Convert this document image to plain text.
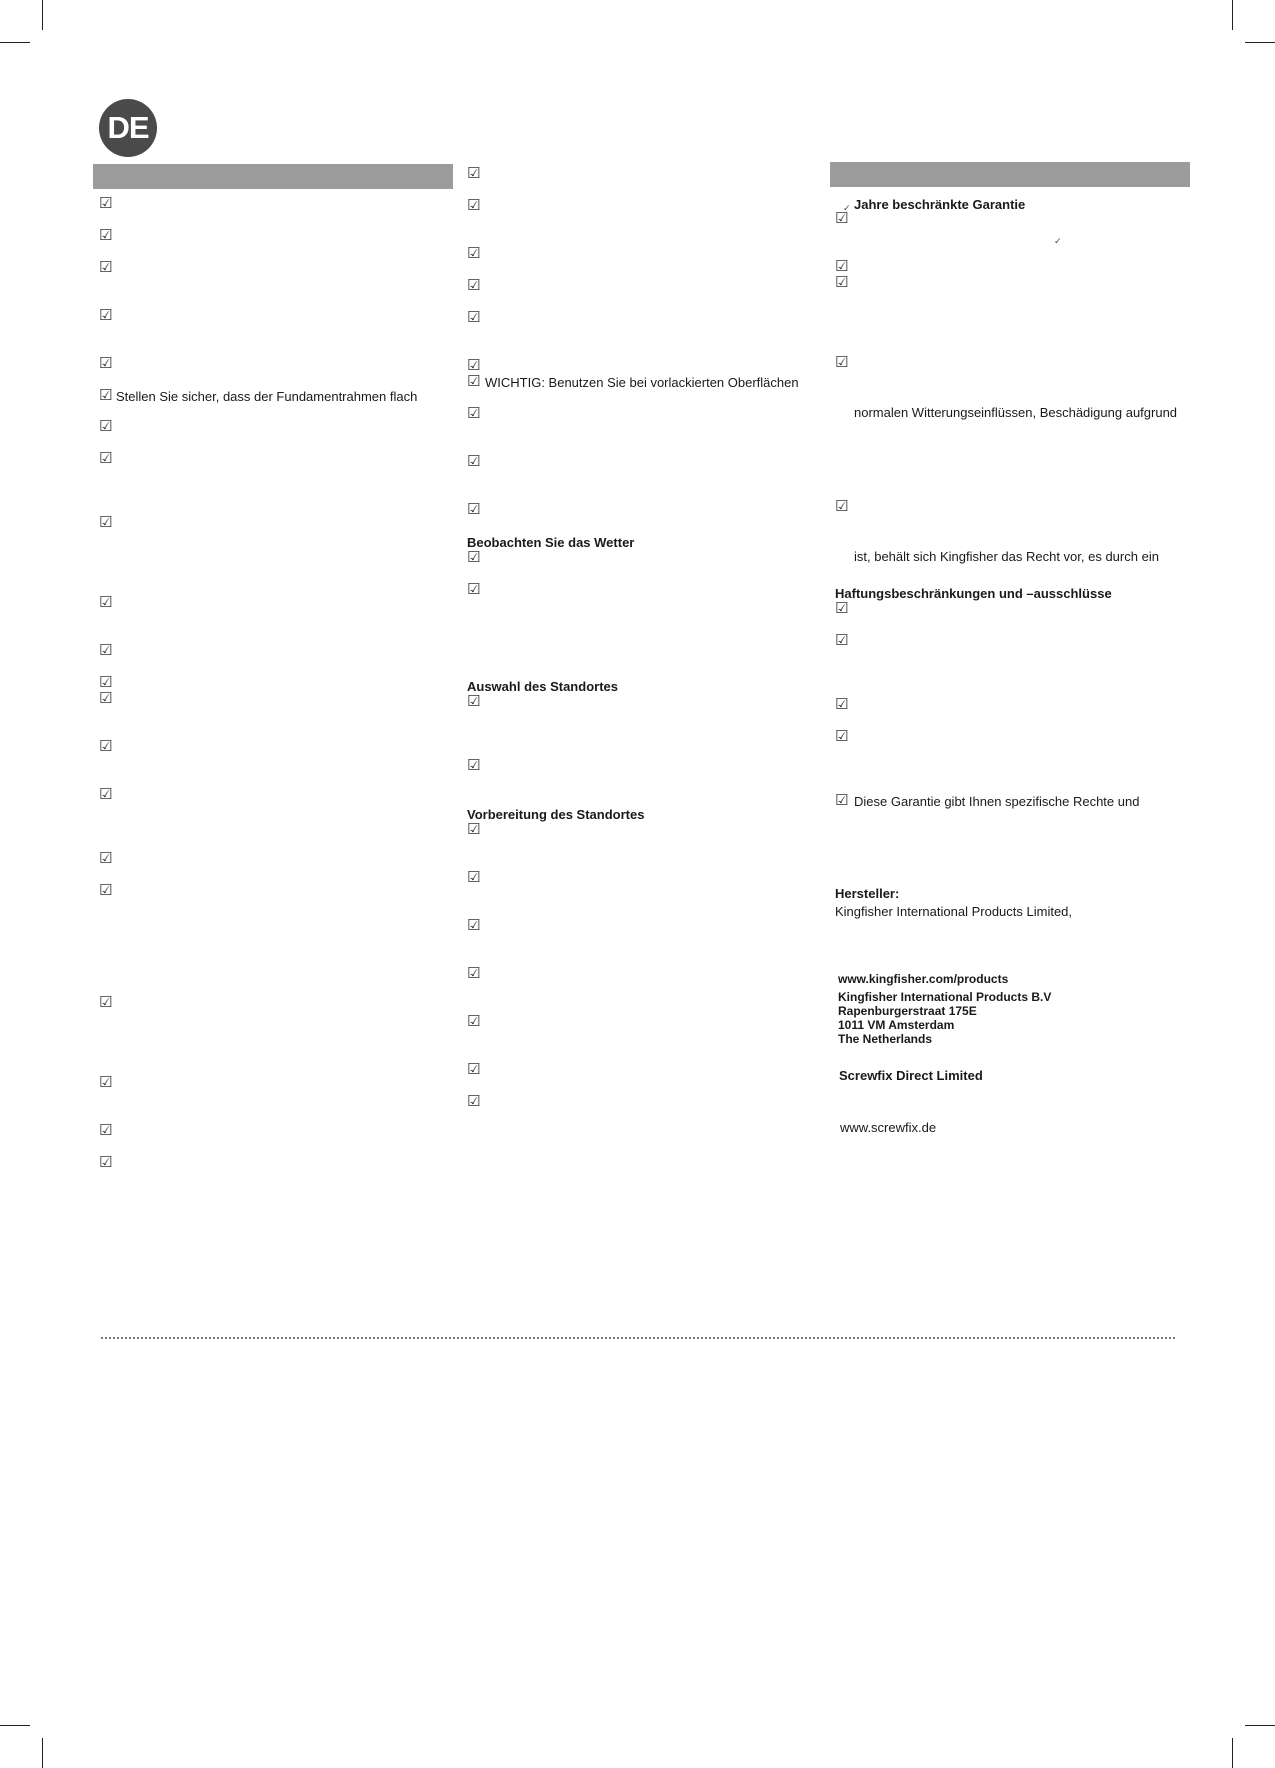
DE
☑
☑
☑
☑
☑
☑ Stellen Sie sicher, dass der Fundamentrahmen flach
☑
☑
☑
☑
☑
☑
☑
☑
☑
☑
☑
☑
☑
☑
☑
☑
☑
☑
☑
☑
☑
☑ WICHTIG: Benutzen Sie bei vorlackierten Oberflächen
☑
☑
☑
Beobachten Sie das Wetter
☑
☑
Auswahl des Standortes
☑
☑
Vorbereitung des Standortes
☑
☑
☑
☑
☑
☑
☑
✓ Jahre beschränkte Garantie
☑
✓
☑
☑
☑
normalen Witterungseinflüssen, Beschädigung aufgrund
☑
ist, behält sich Kingfisher das Recht vor, es durch ein
Haftungsbeschränkungen und –ausschlüsse
☑
☑
☑
☑
☑ Diese Garantie gibt Ihnen spezifische Rechte und
Hersteller:
Kingfisher International Products Limited,
www.kingfisher.com/products
Kingfisher International Products B.V
Rapenburgerstraat 175E
1011 VM Amsterdam
The Netherlands
Screwfix Direct Limited
www.screwfix.de
